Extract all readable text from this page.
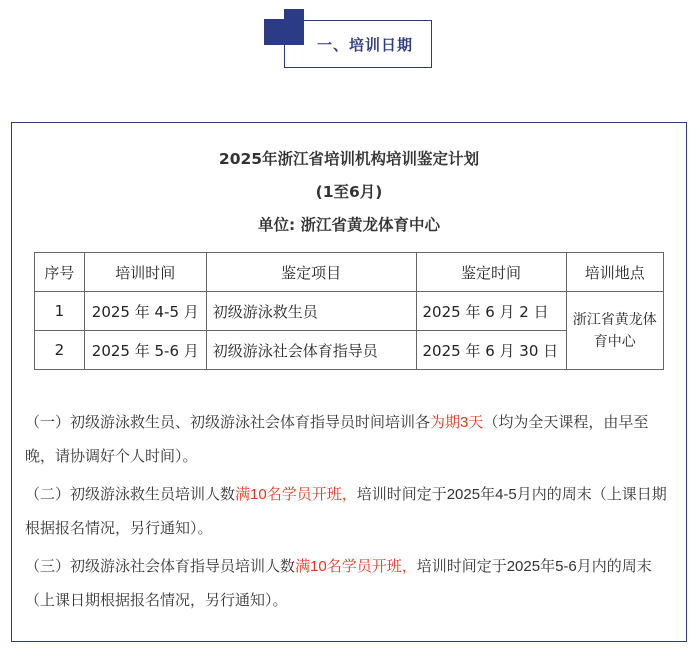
一、培训日期
2025年浙江省培训机构培训鉴定计划
(1至6月)
单位: 浙江省黄龙体育中心
序号	培训时间	鉴定项目	鉴定时间	培训地点
1	2025 年 4-5 月	初级游泳救生员	2025 年 6 月 2 日	浙江省黄龙体育中心
2	2025 年 5-6 月	初级游泳社会体育指导员	2025 年 6 月 30 日	
（一）初级游泳救生员、初级游泳社会体育指导员时间培训各为期3天（均为全天课程，由早至晚，请协调好个人时间）。
（二）初级游泳救生员培训人数满10名学员开班，培训时间定于2025年4-5月内的周末（上课日期根据报名情况，另行通知）。
（三）初级游泳社会体育指导员培训人数满10名学员开班，培训时间定于2025年5-6月内的周末（上课日期根据报名情况，另行通知）。
